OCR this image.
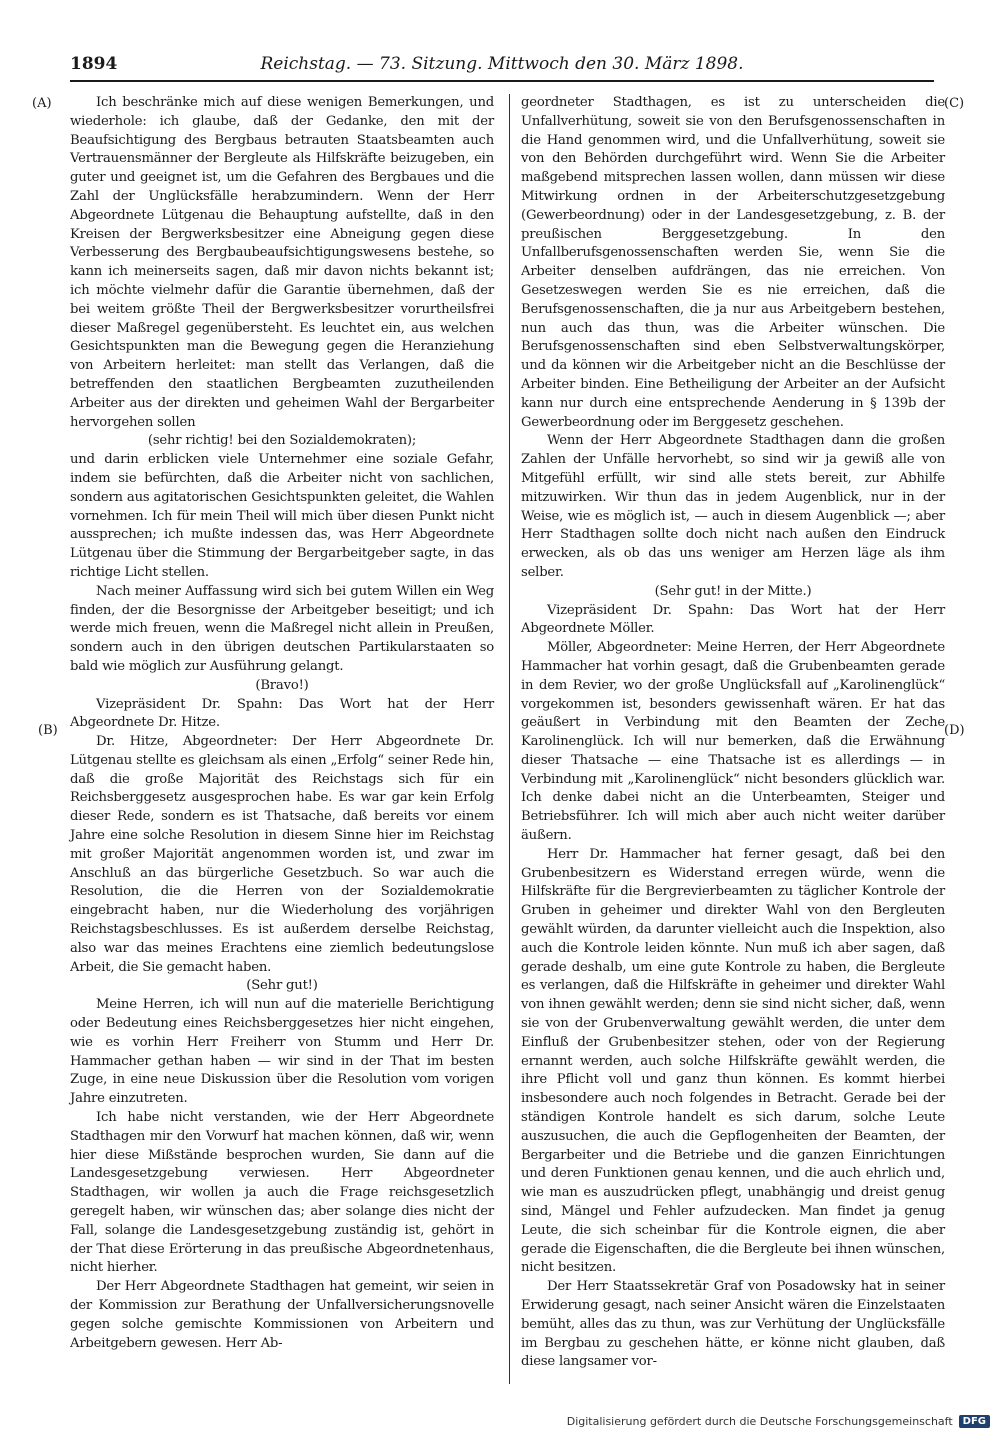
1894	Reichstag. — 73. Sitzung. Mittwoch den 30. März 1898.
(A)
(B)
(C)
(D)

Ich beschränke mich auf diese wenigen Bemerkungen, und wiederhole: ich glaube, daß der Gedanke, den mit der Beaufsichtigung des Bergbaus betrauten Staatsbeamten auch Vertrauensmänner der Bergleute als Hilfskräfte beizugeben, ein guter und geeignet ist, um die Gefahren des Bergbaues und die Zahl der Unglücksfälle herabzumindern. Wenn der Herr Abgeordnete Lütgenau die Behauptung aufstellte, daß in den Kreisen der Bergwerksbesitzer eine Abneigung gegen diese Verbesserung des Bergbaubeaufsichtigungswesens bestehe, so kann ich meinerseits sagen, daß mir davon nichts bekannt ist; ich möchte vielmehr dafür die Garantie übernehmen, daß der bei weitem größte Theil der Bergwerksbesitzer vorurtheilsfrei dieser Maßregel gegenübersteht. Es leuchtet ein, aus welchen Gesichtspunkten man die Bewegung gegen die Heranziehung von Arbeitern herleitet: man stellt das Verlangen, daß die betreffenden den staatlichen Bergbeamten zuzutheilenden Arbeiter aus der direkten und geheimen Wahl der Bergarbeiter hervorgehen sollen

(sehr richtig! bei den Sozialdemokraten);

und darin erblicken viele Unternehmer eine soziale Gefahr, indem sie befürchten, daß die Arbeiter nicht von sachlichen, sondern aus agitatorischen Gesichtspunkten geleitet, die Wahlen vornehmen. Ich für mein Theil will mich über diesen Punkt nicht aussprechen; ich mußte indessen das, was Herr Abgeordnete Lütgenau über die Stimmung der Bergarbeitgeber sagte, in das richtige Licht stellen.

Nach meiner Auffassung wird sich bei gutem Willen ein Weg finden, der die Besorgnisse der Arbeitgeber beseitigt; und ich werde mich freuen, wenn die Maßregel nicht allein in Preußen, sondern auch in den übrigen deutschen Partikularstaaten so bald wie möglich zur Ausführung gelangt.

(Bravo!)

Vizepräsident Dr. Spahn: Das Wort hat der Herr Abgeordnete Dr. Hitze.

Dr. Hitze, Abgeordneter: Der Herr Abgeordnete Dr. Lütgenau stellte es gleichsam als einen „Erfolg“ seiner Rede hin, daß die große Majorität des Reichstags sich für ein Reichsberggesetz ausgesprochen habe. Es war gar kein Erfolg dieser Rede, sondern es ist Thatsache, daß bereits vor einem Jahre eine solche Resolution in diesem Sinne hier im Reichstag mit großer Majorität angenommen worden ist, und zwar im Anschluß an das bürgerliche Gesetzbuch. So war auch die Resolution, die die Herren von der Sozialdemokratie eingebracht haben, nur die Wiederholung des vorjährigen Reichstagsbeschlusses. Es ist außerdem derselbe Reichstag, also war das meines Erachtens eine ziemlich bedeutungslose Arbeit, die Sie gemacht haben.

(Sehr gut!)

Meine Herren, ich will nun auf die materielle Berichtigung oder Bedeutung eines Reichsberggesetzes hier nicht eingehen, wie es vorhin Herr Freiherr von Stumm und Herr Dr. Hammacher gethan haben — wir sind in der That im besten Zuge, in eine neue Diskussion über die Resolution vom vorigen Jahre einzutreten.

Ich habe nicht verstanden, wie der Herr Abgeordnete Stadthagen mir den Vorwurf hat machen können, daß wir, wenn hier diese Mißstände besprochen wurden, Sie dann auf die Landesgesetzgebung verwiesen. Herr Abgeordneter Stadthagen, wir wollen ja auch die Frage reichsgesetzlich geregelt haben, wir wünschen das; aber solange dies nicht der Fall, solange die Landesgesetzgebung zuständig ist, gehört in der That diese Erörterung in das preußische Abgeordnetenhaus, nicht hierher.

Der Herr Abgeordnete Stadthagen hat gemeint, wir seien in der Kommission zur Berathung der Unfallversicherungsnovelle gegen solche gemischte Kommissionen von Arbeitern und Arbeitgebern gewesen. Herr Ab-

geordneter Stadthagen, es ist zu unterscheiden die Unfallverhütung, soweit sie von den Berufsgenossenschaften in die Hand genommen wird, und die Unfallverhütung, soweit sie von den Behörden durchgeführt wird. Wenn Sie die Arbeiter maßgebend mitsprechen lassen wollen, dann müssen wir diese Mitwirkung ordnen in der Arbeiterschutzgesetzgebung (Gewerbeordnung) oder in der Landesgesetzgebung, z. B. der preußischen Berggesetzgebung. In den Unfallberufsgenossenschaften werden Sie, wenn Sie die Arbeiter denselben aufdrängen, das nie erreichen. Von Gesetzeswegen werden Sie es nie erreichen, daß die Berufsgenossenschaften, die ja nur aus Arbeitgebern bestehen, nun auch das thun, was die Arbeiter wünschen. Die Berufsgenossenschaften sind eben Selbstverwaltungskörper, und da können wir die Arbeitgeber nicht an die Beschlüsse der Arbeiter binden. Eine Betheiligung der Arbeiter an der Aufsicht kann nur durch eine entsprechende Aenderung in § 139b der Gewerbeordnung oder im Berggesetz geschehen.

Wenn der Herr Abgeordnete Stadthagen dann die großen Zahlen der Unfälle hervorhebt, so sind wir ja gewiß alle von Mitgefühl erfüllt, wir sind alle stets bereit, zur Abhilfe mitzuwirken. Wir thun das in jedem Augenblick, nur in der Weise, wie es möglich ist, — auch in diesem Augenblick —; aber Herr Stadthagen sollte doch nicht nach außen den Eindruck erwecken, als ob das uns weniger am Herzen läge als ihm selber.

(Sehr gut! in der Mitte.)

Vizepräsident Dr. Spahn: Das Wort hat der Herr Abgeordnete Möller.

Möller, Abgeordneter: Meine Herren, der Herr Abgeordnete Hammacher hat vorhin gesagt, daß die Grubenbeamten gerade in dem Revier, wo der große Unglücksfall auf „Karolinenglück“ vorgekommen ist, besonders gewissenhaft wären. Er hat das geäußert in Verbindung mit den Beamten der Zeche Karolinenglück. Ich will nur bemerken, daß die Erwähnung dieser Thatsache — eine Thatsache ist es allerdings — in Verbindung mit „Karolinenglück“ nicht besonders glücklich war. Ich denke dabei nicht an die Unterbeamten, Steiger und Betriebsführer. Ich will mich aber auch nicht weiter darüber äußern.

Herr Dr. Hammacher hat ferner gesagt, daß bei den Grubenbesitzern es Widerstand erregen würde, wenn die Hilfskräfte für die Bergrevierbeamten zu täglicher Kontrole der Gruben in geheimer und direkter Wahl von den Bergleuten gewählt würden, da darunter vielleicht auch die Inspektion, also auch die Kontrole leiden könnte. Nun muß ich aber sagen, daß gerade deshalb, um eine gute Kontrole zu haben, die Bergleute es verlangen, daß die Hilfskräfte in geheimer und direkter Wahl von ihnen gewählt werden; denn sie sind nicht sicher, daß, wenn sie von der Grubenverwaltung gewählt werden, die unter dem Einfluß der Grubenbesitzer stehen, oder von der Regierung ernannt werden, auch solche Hilfskräfte gewählt werden, die ihre Pflicht voll und ganz thun können. Es kommt hierbei insbesondere auch noch folgendes in Betracht. Gerade bei der ständigen Kontrole handelt es sich darum, solche Leute auszusuchen, die auch die Gepflogenheiten der Beamten, der Bergarbeiter und die Betriebe und die ganzen Einrichtungen und deren Funktionen genau kennen, und die auch ehrlich und, wie man es auszudrücken pflegt, unabhängig und dreist genug sind, Mängel und Fehler aufzudecken. Man findet ja genug Leute, die sich scheinbar für die Kontrole eignen, die aber gerade die Eigenschaften, die die Bergleute bei ihnen wünschen, nicht besitzen.

Der Herr Staatssekretär Graf von Posadowsky hat in seiner Erwiderung gesagt, nach seiner Ansicht wären die Einzelstaaten bemüht, alles das zu thun, was zur Verhütung der Unglücksfälle im Bergbau zu geschehen hätte, er könne nicht glauben, daß diese langsamer vor-

Digitalisierung gefördert durch die Deutsche Forschungsgemeinschaft	DFG
